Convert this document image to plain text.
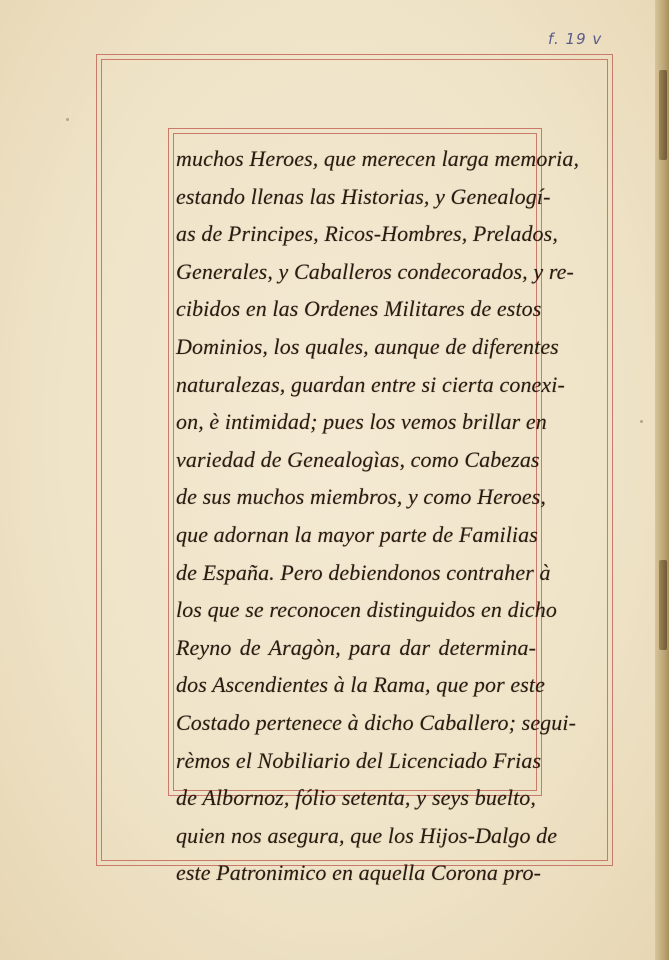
f. 19 v
muchos Heroes, que merecen larga memoria,
estando llenas las Historias, y Genealogí-
as de Principes, Ricos-Hombres, Prelados,
Generales, y Caballeros condecorados, y re-
cibidos en las Ordenes Militares de estos
Dominios, los quales, aunque de diferentes
naturalezas, guardan entre si cierta conexi-
on, è intimidad; pues los vemos brillar en
variedad de Genealogìas, como Cabezas
de sus muchos miembros, y como Heroes,
que adornan la mayor parte de Familias
de España. Pero debiendonos contraher à
los que se reconocen distinguidos en dicho
Reyno de Aragòn, para dar determina-
dos Ascendientes à la Rama, que por este
Costado pertenece à dicho Caballero; segui-
rèmos el Nobiliario del Licenciado Frias
de Albornoz, fólio setenta, y seys buelto,
quien nos asegura, que los Hijos-Dalgo de
este Patronimico en aquella Corona pro-
